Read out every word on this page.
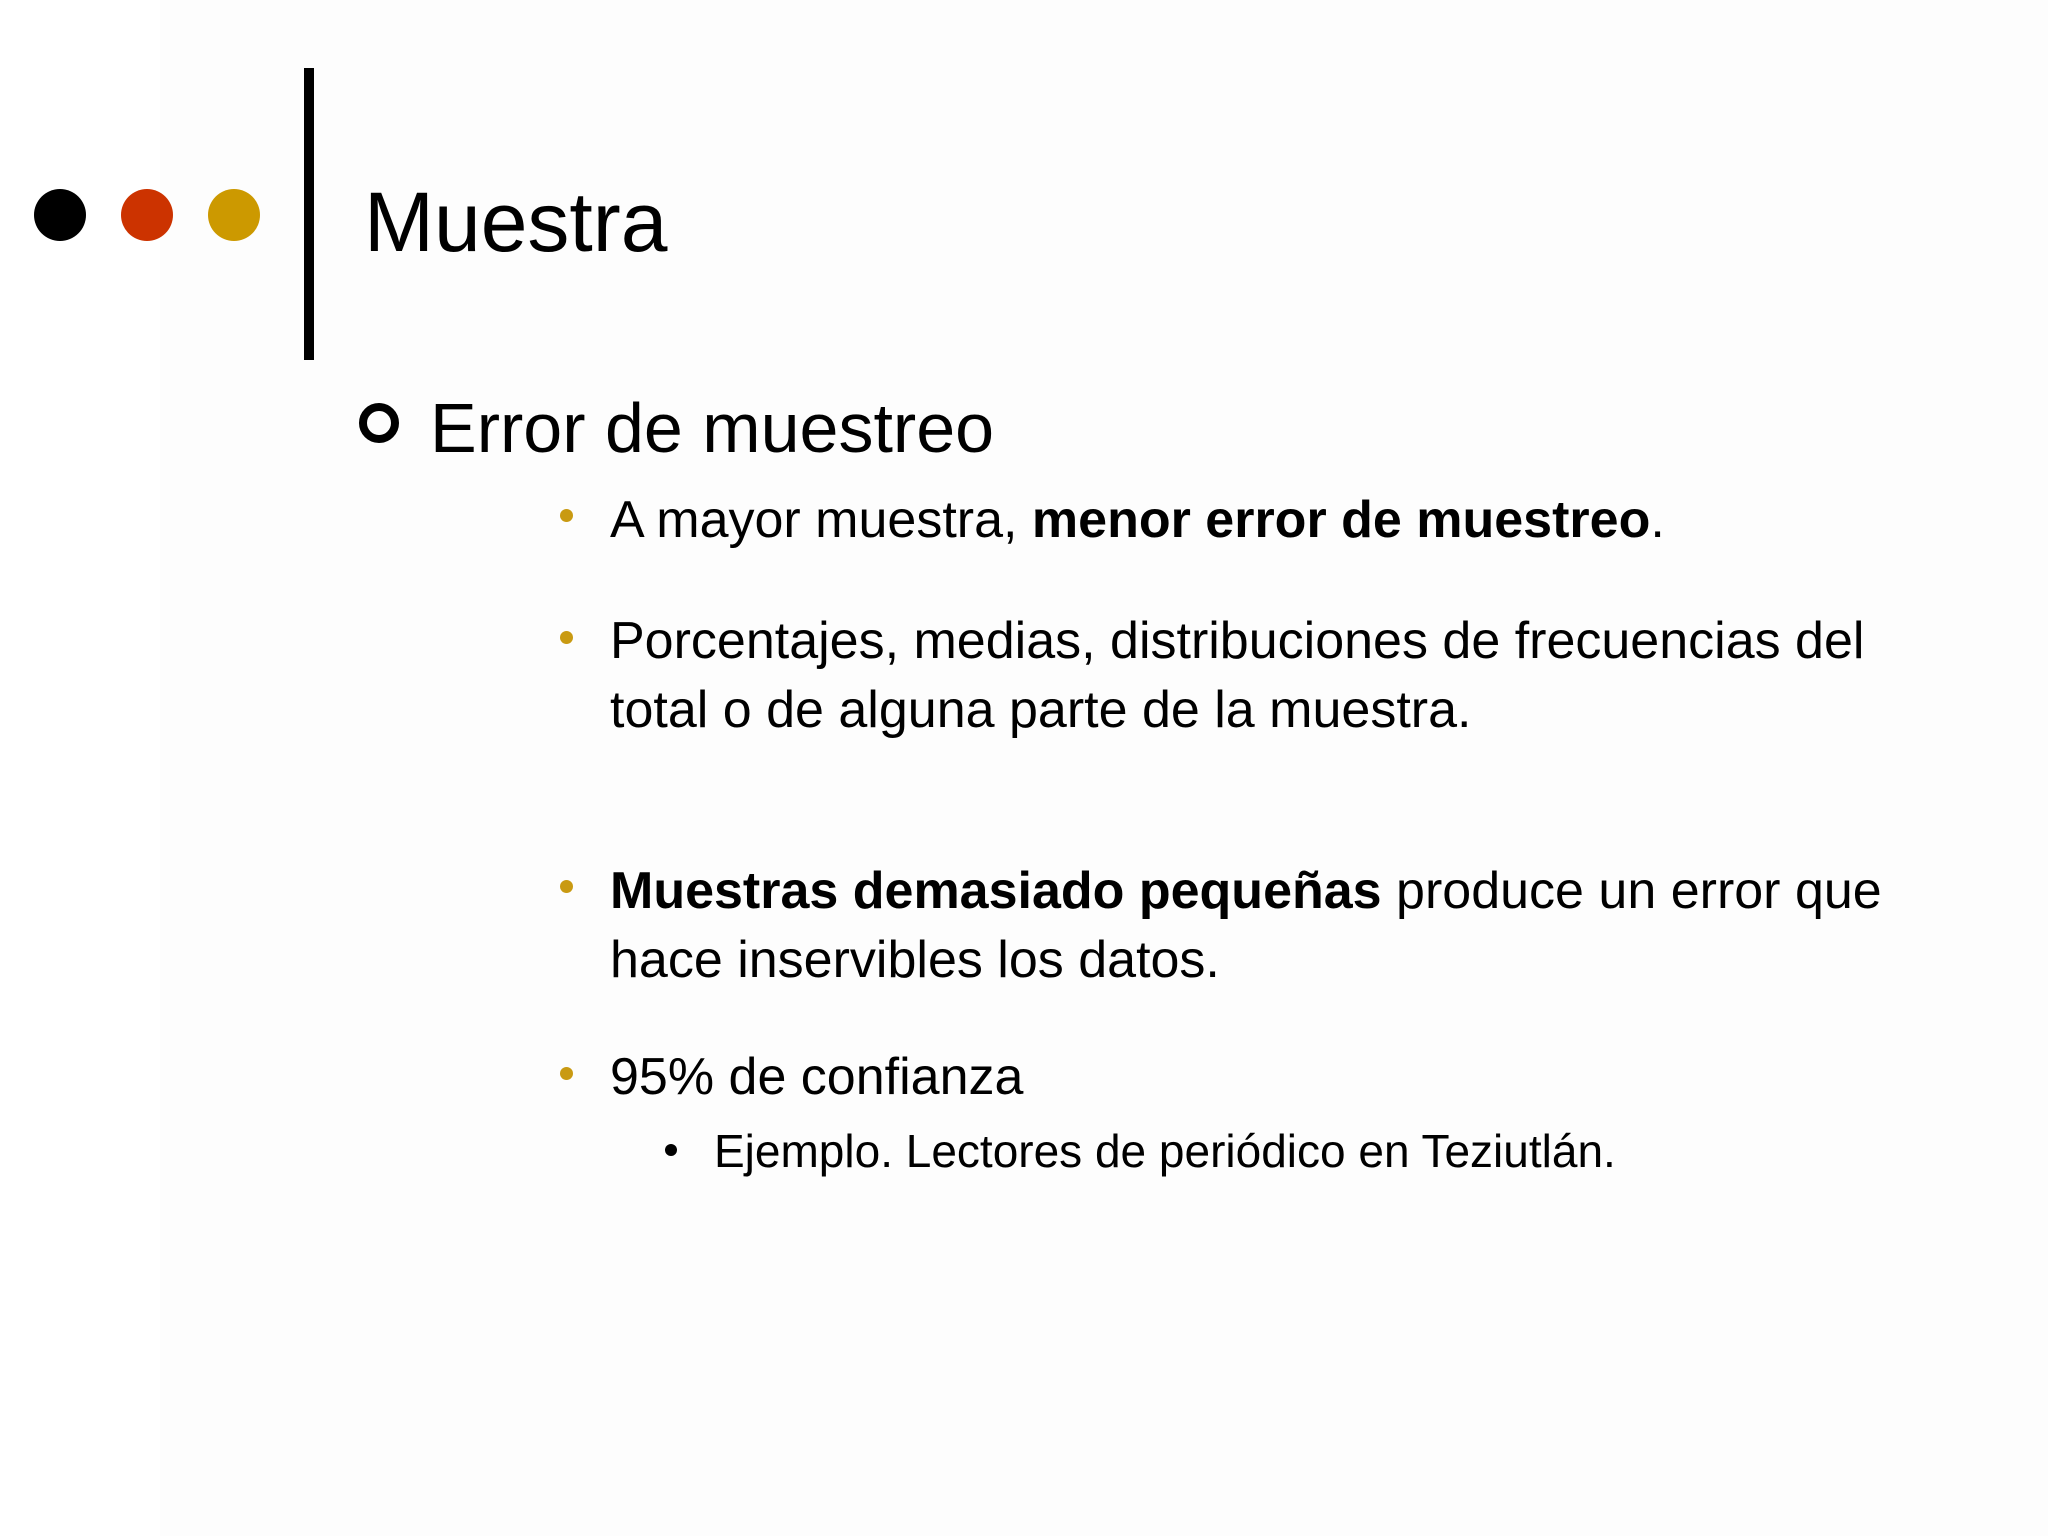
Muestra
Error de muestreo
A mayor muestra, menor error de muestreo.
Porcentajes, medias, distribuciones de frecuencias del total o de alguna parte de la muestra.
Muestras demasiado pequeñas produce un error que hace inservibles los datos.
95% de confianza
Ejemplo. Lectores de periódico en Teziutlán.
